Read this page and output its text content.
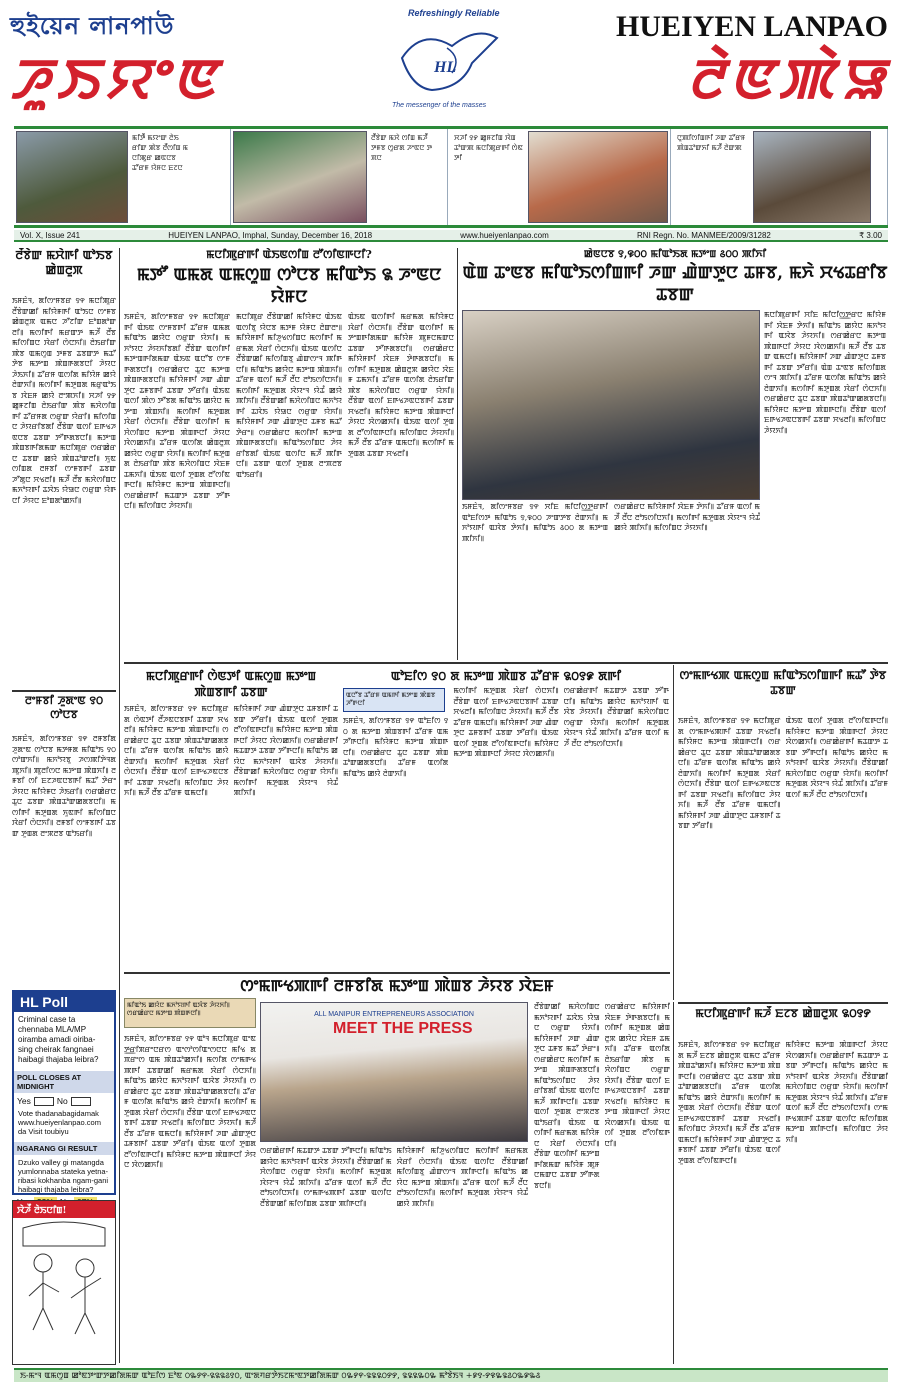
হুইয়েন লানপাউ
ꯍꯨꯏꯌꯦꯟ	ꯂꯥꯟꯄꯥꯎ
HUEIYEN LANPAO
Refreshingly Reliable
HL
The messenger of the masses
ꯃꯤꯇꯩ ꯃꯌꯦꯛ ꯂꯥꯏꯔꯤꯛ ꯄꯥꯕ ꯂꯩꯁꯤꯡ ꯃꯅꯤꯄꯨꯔ ꯀꯟꯅꯕ ꯊꯧꯔꯝ ꯌꯥꯝꯅ ꯐꯖꯅ
ꯂꯩꯕꯥꯛ ꯃꯆꯥ ꯁꯤꯡ ꯃꯍꯩ ꯇꯝꯕ ꯁꯨꯔꯗ ꯍꯦꯟꯅ ꯇꯞꯅ
ꯆꯍꯤ ꯱꯸ ꯀꯨꯝꯖꯤꯡ ꯋꯥꯡꯊꯣꯛꯄ ꯃꯅꯤꯄꯨꯔꯒꯤ ꯁꯥꯟꯇꯤ
ꯅꯨꯄꯤꯁꯤꯡꯒꯤ ꯍꯛ ꯊꯧꯔꯝ ꯄꯥꯡꯊꯣꯛꯈꯤ ꯃꯍꯩ ꯂꯥꯛꯄ
Vol. X, Issue 241	HUEIYEN LANPAO, Imphal, Sunday, December 16, 2018	www.hueiyenlanpao.com	RNI Regn. No. MANMEE/2009/31282	₹ 3.00
ꯂꯩꯕꯥꯛ ꯃꯆꯥꯒꯤ ꯑꯣꯏꯕ ꯀꯥꯡꯂꯨꯞ
ꯏꯝꯐꯥꯜ, ꯗꯤꯁꯦꯝꯕꯔ ꯱꯵ ꯃꯅꯤꯄꯨꯔ ꯂꯩꯕꯥꯛꯀꯤ ꯃꯤꯌꯥꯝꯒꯤ ꯑꯣꯏꯅ ꯁꯦꯝꯕ ꯀꯥꯡꯂꯨꯞ ꯑꯃꯅ ꯍꯧꯖꯤꯛ ꯐꯣꯡꯗꯣꯛꯂꯤ꯫ ꯃꯁꯤꯒꯤ ꯃꯔꯛꯇ ꯃꯍꯩ ꯂꯩꯕ ꯃꯤꯁꯤꯡꯅ ꯋꯥꯔꯤ ꯁꯥꯅꯈꯤ꯫ ꯂꯥꯏꯔꯤꯛ ꯄꯥꯕ ꯑꯃꯁꯨꯡ ꯇꯝꯕ ꯊꯕꯛꯇ ꯃꯊꯧ ꯇꯥꯕ ꯃꯇꯦꯡ ꯄꯥꯡꯒꯗꯕꯅꯤ ꯍꯥꯌꯅ ꯍꯥꯏꯈꯤ꯫ ꯊꯧꯔꯝ ꯑꯁꯤꯗ ꯃꯤꯌꯥꯝ ꯀꯌꯥ ꯂꯥꯛꯈꯤ꯫ ꯃꯁꯤꯒꯤ ꯃꯇꯨꯡꯗ ꯃꯔꯨꯑꯣꯏꯕ ꯋꯥꯐꯝ ꯀꯌꯥ ꯂꯦꯄꯈꯤ꯫ ꯆꯍꯤ ꯱꯸ ꯀꯨꯝꯖꯤꯡ ꯂꯥꯏꯔꯤꯛ ꯄꯥꯕ ꯃꯆꯥꯁꯤꯡꯒꯤ ꯊꯧꯔꯝꯗ ꯁꯔꯨꯛ ꯌꯥꯔꯤ꯫ ꯃꯤꯁꯤꯡꯅ ꯍꯥꯌꯔꯤꯕꯗꯤ ꯂꯩꯕꯥꯛ ꯑꯁꯤ ꯐꯒꯠꯍꯟꯅꯕ ꯊꯕꯛ ꯇꯧꯒꯗꯕꯅꯤ꯫ ꯃꯇꯦꯡ ꯄꯥꯡꯕꯒꯤꯗꯃꯛ ꯃꯅꯤꯄꯨꯔ ꯁꯔꯀꯥꯔꯅ ꯊꯕꯛ ꯀꯌꯥ ꯄꯥꯡꯊꯣꯛꯂꯤ꯫ ꯈꯨꯟꯁꯤꯡꯗ ꯂꯝꯕꯤ ꯁꯦꯝꯕꯒꯤ ꯊꯕꯛ ꯍꯧꯗꯨꯅ ꯆꯠꯂꯤ꯫ ꯃꯍꯩ ꯂꯩꯕ ꯃꯆꯥꯁꯤꯡꯅ ꯃꯈꯣꯌꯒꯤ ꯊꯋꯥꯏ ꯌꯥꯎꯅ ꯁꯔꯨꯛ ꯌꯥꯒꯅꯤ ꯍꯥꯌꯅ ꯐꯣꯡꯗꯣꯀꯈꯤ꯫
ꯂꯦꯝꯕꯤ ꯍꯨꯗꯦꯟ ꯱꯰ ꯁꯣꯅꯕ
ꯏꯝꯐꯥꯜ, ꯗꯤꯁꯦꯝꯕꯔ ꯱꯵ ꯂꯝꯕꯤꯗ ꯍꯨꯗꯦꯟ ꯁꯣꯅꯕ ꯃꯇꯝꯗ ꯃꯤꯑꯣꯏ ꯱꯰ ꯁꯣꯛꯈꯤ꯫ ꯃꯈꯣꯌꯕꯨ ꯍꯁꯄꯤꯇꯥꯜꯗ ꯄꯨꯈꯤ꯫ ꯄꯨꯂꯤꯁꯅ ꯃꯇꯦꯡ ꯄꯥꯡꯈꯤ꯫ ꯂꯝꯕꯤ ꯁꯤ ꯐꯖꯍꯟꯅꯕꯒꯤ ꯃꯊꯧ ꯇꯥꯔꯦ ꯍꯥꯌꯅ ꯃꯤꯌꯥꯝꯅ ꯍꯥꯏꯔꯤ꯫ ꯁꯔꯀꯥꯔꯅ ꯊꯨꯅ ꯊꯕꯛ ꯄꯥꯡꯊꯣꯛꯀꯗꯕꯅꯤ꯫ ꯃꯁꯤꯒꯤ ꯃꯇꯨꯡꯗ ꯈꯨꯟꯒꯤ ꯃꯤꯁꯤꯡꯅ ꯋꯥꯔꯤ ꯁꯥꯅꯈꯤ꯫ ꯂꯝꯕꯤ ꯁꯦꯝꯕꯒꯤ ꯊꯕꯛ ꯇꯨꯡꯗ ꯂꯦꯞꯂꯕ ꯑꯣꯏꯔꯤ꯫
HL Poll
Criminal case ta chennaba MLA/MP oiramba amadi oiriba-sing cheirak fangnaei haibagi thajaba leibra?
POLL CLOSES AT MIDNIGHT
Yes	No
Vote thadanabagidamak www.hueiyenlanpao.com da Visit toubiyu
NGARANG GI RESULT
Dzuko valley gi matangda yumlonnaba stateka yetna-ribasi kokhanba ngam-gani haibagi thajaba leibra?
ꯋꯥꯍꯩ ꯂꯥꯏꯅꯤꯡ!
ꯃꯅꯤꯄꯨꯔꯒꯤ ꯑꯥꯏꯟꯁꯤꯡ ꯂꯧꯁꯤꯟꯒꯅꯤ?
ꯃꯇꯧ ꯑꯃꯗ ꯑꯃꯁꯨꯡ ꯁꯣꯅꯕ ꯃꯤꯑꯣꯏ ꯲ ꯍꯦꯟꯅ ꯌꯥꯝꯅ
ꯏꯝꯐꯥꯜ, ꯗꯤꯁꯦꯝꯕꯔ ꯱꯵ ꯃꯅꯤꯄꯨꯔꯒꯤ ꯑꯥꯏꯟ ꯁꯦꯝꯕꯒꯤ ꯊꯧꯔꯝ ꯑꯃꯗ ꯃꯤꯑꯣꯏ ꯀꯌꯥꯅ ꯁꯔꯨꯛ ꯌꯥꯈꯤ꯫ ꯃꯈꯣꯌꯅ ꯍꯥꯌꯈꯤꯕꯗꯤ ꯂꯩꯕꯥꯛ ꯑꯁꯤꯒꯤ ꯃꯇꯦꯡꯒꯤꯗꯃꯛ ꯑꯥꯏꯟ ꯑꯅꯧꯕ ꯁꯦꯝꯒꯗꯕꯅꯤ꯫ ꯁꯔꯀꯥꯔꯅ ꯊꯨꯅ ꯃꯇꯦꯡ ꯄꯥꯡꯒꯗꯕꯅꯤ꯫ ꯃꯤꯌꯥꯝꯒꯤ ꯍꯛ ꯉꯥꯛꯇꯨꯅ ꯊꯝꯕꯒꯤ ꯊꯕꯛ ꯇꯧꯔꯤ꯫ ꯑꯥꯏꯟ ꯑꯁꯤ ꯄꯥꯁ ꯇꯧꯕꯗ ꯃꯤꯑꯣꯏ ꯀꯌꯥꯅ ꯃꯇꯦꯡ ꯄꯥꯡꯈꯤ꯫ ꯃꯁꯤꯒꯤ ꯃꯇꯨꯡꯗ ꯋꯥꯔꯤ ꯁꯥꯅꯈꯤ꯫ ꯂꯩꯕꯥꯛ ꯑꯁꯤꯒꯤ ꯃꯆꯥꯁꯤꯡꯅ ꯃꯇꯦꯡ ꯄꯥꯡꯒꯅꯤ ꯍꯥꯌꯅ ꯋꯥꯁꯀꯈꯤ꯫ ꯊꯧꯔꯝ ꯑꯁꯤꯗ ꯀꯥꯡꯂꯨꯞ ꯀꯌꯥꯅ ꯁꯔꯨꯛ ꯌꯥꯈꯤ꯫ ꯃꯁꯤꯒꯤ ꯃꯇꯨꯡꯗ ꯂꯥꯏꯔꯤꯛ ꯄꯥꯕ ꯃꯆꯥꯁꯤꯡꯅ ꯋꯥꯐꯝ ꯊꯃꯈꯤ꯫ ꯑꯥꯏꯟ ꯑꯁꯤ ꯇꯨꯡꯗ ꯂꯧꯁꯤꯟꯒꯅꯤ꯫ ꯃꯤꯌꯥꯝꯅ ꯃꯇꯦꯡ ꯄꯥꯡꯒꯅꯤ꯫ ꯁꯔꯀꯥꯔꯒꯤ ꯃꯊꯛꯇ ꯊꯕꯛ ꯇꯧꯒꯅꯤ꯫ ꯃꯤꯁꯤꯡꯅ ꯍꯥꯌꯈꯤ꯫
ꯃꯅꯤꯄꯨꯔ ꯂꯩꯕꯥꯛꯀꯤ ꯃꯤꯌꯥꯝꯅ ꯑꯥꯏꯟ ꯑꯁꯤꯕꯨ ꯌꯥꯅꯕ ꯃꯇꯝ ꯌꯥꯝꯅ ꯂꯥꯛꯂꯦ꯫ ꯃꯤꯌꯥꯝꯒꯤ ꯃꯤꯍꯨꯠꯁꯤꯡꯅ ꯃꯁꯤꯒꯤ ꯃꯔꯃꯗ ꯋꯥꯔꯤ ꯁꯥꯅꯈꯤ꯫ ꯑꯥꯏꯟ ꯑꯁꯤꯅ ꯂꯩꯕꯥꯛꯀꯤ ꯃꯤꯁꯤꯡꯕꯨ ꯉꯥꯛꯁꯦꯜ ꯄꯤꯒꯅꯤ꯫ ꯃꯤꯑꯣꯏ ꯀꯌꯥꯅ ꯃꯇꯦꯡ ꯄꯥꯡꯈꯤ꯫ ꯊꯧꯔꯝ ꯑꯁꯤ ꯃꯍꯩ ꯂꯩꯅ ꯂꯣꯏꯁꯤꯅꯈꯤ꯫ ꯃꯁꯤꯒꯤ ꯃꯇꯨꯡꯗ ꯋꯥꯌꯦꯜ ꯌꯥꯊꯪ ꯀꯌꯥ ꯄꯤꯈꯤ꯫ ꯂꯩꯕꯥꯛꯀꯤ ꯃꯆꯥꯁꯤꯡꯅ ꯃꯈꯣꯌꯒꯤ ꯊꯋꯥꯏ ꯌꯥꯎꯅ ꯁꯔꯨꯛ ꯌꯥꯈꯤ꯫ ꯃꯤꯌꯥꯝꯒꯤ ꯍꯛ ꯉꯥꯛꯇꯨꯅ ꯊꯝꯕ ꯃꯊꯧ ꯇꯥꯔꯦ꯫ ꯁꯔꯀꯥꯔꯅ ꯃꯁꯤꯒꯤ ꯃꯇꯦꯡ ꯄꯥꯡꯒꯗꯕꯅꯤ꯫ ꯃꯤꯑꯣꯏꯁꯤꯡꯅ ꯍꯥꯌꯔꯤꯕꯗꯤ ꯑꯥꯏꯟ ꯑꯁꯤꯅ ꯃꯍꯩ ꯄꯤꯒꯅꯤ꯫ ꯊꯕꯛ ꯑꯁꯤ ꯇꯨꯡꯗ ꯂꯦꯞꯂꯕ ꯑꯣꯏꯔꯤ꯫
ꯑꯥꯏꯟ ꯑꯁꯤꯒꯤ ꯃꯔꯃꯗ ꯃꯤꯌꯥꯝꯅ ꯋꯥꯔꯤ ꯁꯥꯅꯈꯤ꯫ ꯂꯩꯕꯥꯛ ꯑꯁꯤꯒꯤ ꯃꯇꯦꯡꯒꯤꯗꯃꯛ ꯃꯤꯌꯥꯝ ꯄꯨꯝꯅꯃꯛꯅ ꯊꯕꯛ ꯇꯧꯒꯗꯕꯅꯤ꯫ ꯁꯔꯀꯥꯔꯅ ꯃꯤꯌꯥꯝꯒꯤ ꯋꯥꯐꯝ ꯇꯥꯒꯗꯕꯅꯤ꯫ ꯃꯁꯤꯒꯤ ꯃꯇꯨꯡꯗ ꯀꯥꯡꯂꯨꯞ ꯀꯌꯥꯅ ꯋꯥꯐꯝ ꯊꯃꯈꯤ꯫ ꯊꯧꯔꯝ ꯑꯁꯤꯗ ꯂꯥꯏꯔꯤꯛ ꯄꯥꯕ ꯃꯆꯥꯁꯤꯡꯅ ꯁꯔꯨꯛ ꯌꯥꯈꯤ꯫ ꯂꯩꯕꯥꯛ ꯑꯁꯤ ꯐꯒꯠꯍꯟꯅꯕꯒꯤ ꯊꯕꯛ ꯆꯠꯂꯤ꯫ ꯃꯤꯌꯥꯝꯅ ꯃꯇꯦꯡ ꯄꯥꯡꯒꯅꯤ ꯍꯥꯌꯅ ꯋꯥꯁꯀꯈꯤ꯫ ꯑꯥꯏꯟ ꯑꯁꯤ ꯇꯨꯡꯗ ꯂꯧꯁꯤꯟꯒꯅꯤ꯫ ꯃꯤꯁꯤꯡꯅ ꯍꯥꯌꯈꯤ꯫ ꯃꯍꯩ ꯂꯩꯕ ꯊꯧꯔꯝ ꯑꯃꯅꯤ꯫ ꯃꯁꯤꯒꯤ ꯃꯇꯨꯡꯗ ꯊꯕꯛ ꯆꯠꯂꯤ꯫
ꯀꯥꯟꯅꯕ ꯱,꯶꯰꯰ ꯃꯤꯑꯣꯏꯗ ꯃꯇꯦꯡ ꯴꯰꯰ ꯄꯤꯈꯤ
ꯑꯥꯡ ꯊꯦꯟꯕ ꯃꯤꯑꯣꯏꯁꯤꯡꯒꯤ ꯍꯛ ꯉꯥꯛꯇꯨꯅ ꯊꯝꯕ, ꯃꯈꯥ ꯆꯠꯊꯔꯤꯕ ꯊꯕꯛ
ꯃꯅꯤꯄꯨꯔꯒꯤ ꯆꯤꯐ ꯃꯤꯅꯤꯁ꯭ꯇꯔꯅ ꯃꯤꯌꯥꯝꯒꯤ ꯋꯥꯐꯝ ꯇꯥꯈꯤ꯫ ꯃꯤꯑꯣꯏ ꯀꯌꯥꯅ ꯃꯈꯣꯌꯒꯤ ꯑꯋꯥꯕ ꯍꯥꯌꯈꯤ꯫ ꯁꯔꯀꯥꯔꯅ ꯃꯇꯦꯡ ꯄꯥꯡꯒꯅꯤ ꯍꯥꯌꯅ ꯋꯥꯁꯀꯈꯤ꯫ ꯃꯍꯩ ꯂꯩꯕ ꯊꯕꯛ ꯑꯃꯅꯤ꯫ ꯃꯤꯌꯥꯝꯒꯤ ꯍꯛ ꯉꯥꯛꯇꯨꯅ ꯊꯝꯕꯒꯤ ꯊꯕꯛ ꯇꯧꯔꯤ꯫ ꯑꯥꯡ ꯊꯦꯟꯕ ꯃꯤꯁꯤꯡꯗ ꯁꯦꯜ ꯄꯤꯈꯤ꯫ ꯊꯧꯔꯝ ꯑꯁꯤꯗ ꯃꯤꯑꯣꯏ ꯀꯌꯥ ꯂꯥꯛꯈꯤ꯫ ꯃꯁꯤꯒꯤ ꯃꯇꯨꯡꯗ ꯋꯥꯔꯤ ꯁꯥꯅꯈꯤ꯫ ꯁꯔꯀꯥꯔꯅ ꯊꯨꯅ ꯊꯕꯛ ꯄꯥꯡꯊꯣꯛꯀꯗꯕꯅꯤ꯫ ꯃꯤꯌꯥꯝꯅ ꯃꯇꯦꯡ ꯄꯥꯡꯒꯅꯤ꯫ ꯂꯩꯕꯥꯛ ꯑꯁꯤ ꯐꯒꯠꯍꯟꯅꯕꯒꯤ ꯊꯕꯛ ꯆꯠꯂꯤ꯫ ꯃꯤꯁꯤꯡꯅ ꯍꯥꯌꯈꯤ꯫
ꯏꯝꯐꯥꯜ, ꯗꯤꯁꯦꯝꯕꯔ ꯱꯵ ꯆꯤꯐ ꯃꯤꯅꯤꯁ꯭ꯇꯔꯒꯤ ꯑꯣꯐꯤꯁꯇ ꯃꯤꯑꯣꯏ ꯱,꯶꯰꯰ ꯍꯦꯛꯇꯕ ꯂꯥꯛꯈꯤ꯫ ꯃꯈꯣꯌꯒꯤ ꯑꯋꯥꯕ ꯇꯥꯈꯤ꯫ ꯃꯤꯑꯣꯏ ꯴꯰꯰ ꯗ ꯃꯇꯦꯡ ꯄꯤꯈꯤ꯫
ꯁꯔꯀꯥꯔꯅ ꯃꯤꯌꯥꯝꯒꯤ ꯋꯥꯐꯝ ꯇꯥꯈꯤ꯫ ꯊꯧꯔꯝ ꯑꯁꯤ ꯃꯍꯩ ꯂꯩꯅ ꯂꯣꯏꯁꯤꯅꯈꯤ꯫ ꯃꯁꯤꯒꯤ ꯃꯇꯨꯡꯗ ꯋꯥꯌꯦꯜ ꯌꯥꯊꯪ ꯀꯌꯥ ꯄꯤꯈꯤ꯫ ꯃꯤꯁꯤꯡꯅ ꯍꯥꯌꯈꯤ꯫
ꯃꯅꯤꯄꯨꯔꯒꯤ ꯁꯥꯟꯇꯤ ꯑꯃꯁꯨꯡ ꯃꯇꯦꯡ ꯄꯥꯡꯕꯒꯤ ꯊꯕꯛ
ꯏꯝꯐꯥꯜ, ꯗꯤꯁꯦꯝꯕꯔ ꯱꯵ ꯃꯅꯤꯄꯨꯔꯗ ꯁꯥꯟꯇꯤ ꯂꯩꯍꯟꯅꯕꯒꯤ ꯊꯕꯛ ꯆꯠꯂꯤ꯫ ꯃꯤꯌꯥꯝꯅ ꯃꯇꯦꯡ ꯄꯥꯡꯒꯅꯤ꯫ ꯁꯔꯀꯥꯔꯅ ꯊꯨꯅ ꯊꯕꯛ ꯄꯥꯡꯊꯣꯛꯀꯗꯕꯅꯤ꯫ ꯊꯧꯔꯝ ꯑꯁꯤꯗ ꯃꯤꯑꯣꯏ ꯀꯌꯥ ꯂꯥꯛꯈꯤ꯫ ꯃꯁꯤꯒꯤ ꯃꯇꯨꯡꯗ ꯋꯥꯔꯤ ꯁꯥꯅꯈꯤ꯫ ꯂꯩꯕꯥꯛ ꯑꯁꯤ ꯐꯒꯠꯍꯟꯅꯕꯒꯤ ꯊꯕꯛ ꯆꯠꯂꯤ꯫ ꯃꯤꯁꯤꯡꯅ ꯍꯥꯌꯈꯤ꯫ ꯃꯍꯩ ꯂꯩꯕ ꯊꯧꯔꯝ ꯑꯃꯅꯤ꯫
ꯃꯤꯌꯥꯝꯒꯤ ꯍꯛ ꯉꯥꯛꯇꯨꯅ ꯊꯝꯕꯒꯤ ꯊꯕꯛ ꯇꯧꯔꯤ꯫ ꯑꯥꯏꯟ ꯑꯁꯤ ꯇꯨꯡꯗ ꯂꯧꯁꯤꯟꯒꯅꯤ꯫ ꯃꯤꯌꯥꯝꯅ ꯃꯇꯦꯡ ꯄꯥꯡꯒꯅꯤ ꯍꯥꯌꯅ ꯋꯥꯁꯀꯈꯤ꯫ ꯁꯔꯀꯥꯔꯒꯤ ꯃꯊꯛꯇ ꯊꯕꯛ ꯇꯧꯒꯅꯤ꯫ ꯃꯤꯑꯣꯏ ꯀꯌꯥꯅ ꯃꯈꯣꯌꯒꯤ ꯑꯋꯥꯕ ꯍꯥꯌꯈꯤ꯫ ꯂꯩꯕꯥꯛꯀꯤ ꯃꯆꯥꯁꯤꯡꯅ ꯁꯔꯨꯛ ꯌꯥꯈꯤ꯫ ꯃꯁꯤꯒꯤ ꯃꯇꯨꯡꯗ ꯋꯥꯌꯦꯜ ꯌꯥꯊꯪ ꯄꯤꯈꯤ꯫
ꯑꯣꯐꯤꯁ ꯱꯰ ꯗ ꯃꯇꯦꯡ ꯄꯥꯡꯕ ꯊꯧꯔꯝ ꯲꯰꯱꯹ ꯗꯒꯤ
ꯑꯅꯧꯕ ꯊꯧꯔꯝ ꯑꯃꯒꯤ ꯃꯇꯦꯡ ꯄꯥꯡꯕ ꯍꯧꯒꯅꯤ
ꯏꯝꯐꯥꯜ, ꯗꯤꯁꯦꯝꯕꯔ ꯱꯵ ꯑꯣꯐꯤꯁ ꯱꯰ ꯗ ꯃꯇꯦꯡ ꯄꯥꯡꯕꯒꯤ ꯊꯧꯔꯝ ꯑꯃ ꯍꯧꯒꯅꯤ꯫ ꯃꯤꯌꯥꯝꯅ ꯃꯇꯦꯡ ꯄꯥꯡꯒꯅꯤ꯫ ꯁꯔꯀꯥꯔꯅ ꯊꯨꯅ ꯊꯕꯛ ꯄꯥꯡꯊꯣꯛꯀꯗꯕꯅꯤ꯫ ꯊꯧꯔꯝ ꯑꯁꯤꯗ ꯃꯤꯑꯣꯏ ꯀꯌꯥ ꯂꯥꯛꯈꯤ꯫
ꯃꯁꯤꯒꯤ ꯃꯇꯨꯡꯗ ꯋꯥꯔꯤ ꯁꯥꯅꯈꯤ꯫ ꯂꯩꯕꯥꯛ ꯑꯁꯤ ꯐꯒꯠꯍꯟꯅꯕꯒꯤ ꯊꯕꯛ ꯆꯠꯂꯤ꯫ ꯃꯤꯁꯤꯡꯅ ꯍꯥꯌꯈꯤ꯫ ꯃꯍꯩ ꯂꯩꯕ ꯊꯧꯔꯝ ꯑꯃꯅꯤ꯫ ꯃꯤꯌꯥꯝꯒꯤ ꯍꯛ ꯉꯥꯛꯇꯨꯅ ꯊꯝꯕꯒꯤ ꯊꯕꯛ ꯇꯧꯔꯤ꯫ ꯑꯥꯏꯟ ꯑꯁꯤ ꯇꯨꯡꯗ ꯂꯧꯁꯤꯟꯒꯅꯤ꯫ ꯃꯤꯌꯥꯝꯅ ꯃꯇꯦꯡ ꯄꯥꯡꯒꯅꯤ ꯍꯥꯌꯅ ꯋꯥꯁꯀꯈꯤ꯫
ꯁꯔꯀꯥꯔꯒꯤ ꯃꯊꯛꯇ ꯊꯕꯛ ꯇꯧꯒꯅꯤ꯫ ꯃꯤꯑꯣꯏ ꯀꯌꯥꯅ ꯃꯈꯣꯌꯒꯤ ꯑꯋꯥꯕ ꯍꯥꯌꯈꯤ꯫ ꯂꯩꯕꯥꯛꯀꯤ ꯃꯆꯥꯁꯤꯡꯅ ꯁꯔꯨꯛ ꯌꯥꯈꯤ꯫ ꯃꯁꯤꯒꯤ ꯃꯇꯨꯡꯗ ꯋꯥꯌꯦꯜ ꯌꯥꯊꯪ ꯄꯤꯈꯤ꯫ ꯊꯧꯔꯝ ꯑꯁꯤ ꯃꯍꯩ ꯂꯩꯅ ꯂꯣꯏꯁꯤꯅꯈꯤ꯫
ꯁꯦꯃꯒꯠꯄ ꯑꯃꯁꯨꯡ ꯃꯤꯑꯣꯏꯁꯤꯡꯒꯤ ꯃꯊꯧ ꯇꯥꯕ ꯊꯕꯛ
ꯏꯝꯐꯥꯜ, ꯗꯤꯁꯦꯝꯕꯔ ꯱꯵ ꯃꯅꯤꯄꯨꯔꯗ ꯁꯦꯃꯒꯠꯄꯒꯤ ꯊꯕꯛ ꯆꯠꯂꯤ꯫ ꯃꯤꯌꯥꯝꯅ ꯃꯇꯦꯡ ꯄꯥꯡꯒꯅꯤ꯫ ꯁꯔꯀꯥꯔꯅ ꯊꯨꯅ ꯊꯕꯛ ꯄꯥꯡꯊꯣꯛꯀꯗꯕꯅꯤ꯫ ꯊꯧꯔꯝ ꯑꯁꯤꯗ ꯃꯤꯑꯣꯏ ꯀꯌꯥ ꯂꯥꯛꯈꯤ꯫ ꯃꯁꯤꯒꯤ ꯃꯇꯨꯡꯗ ꯋꯥꯔꯤ ꯁꯥꯅꯈꯤ꯫ ꯂꯩꯕꯥꯛ ꯑꯁꯤ ꯐꯒꯠꯍꯟꯅꯕꯒꯤ ꯊꯕꯛ ꯆꯠꯂꯤ꯫ ꯃꯤꯁꯤꯡꯅ ꯍꯥꯌꯈꯤ꯫ ꯃꯍꯩ ꯂꯩꯕ ꯊꯧꯔꯝ ꯑꯃꯅꯤ꯫ ꯃꯤꯌꯥꯝꯒꯤ ꯍꯛ ꯉꯥꯛꯇꯨꯅ ꯊꯝꯕꯒꯤ ꯊꯕꯛ ꯇꯧꯔꯤ꯫
ꯑꯥꯏꯟ ꯑꯁꯤ ꯇꯨꯡꯗ ꯂꯧꯁꯤꯟꯒꯅꯤ꯫ ꯃꯤꯌꯥꯝꯅ ꯃꯇꯦꯡ ꯄꯥꯡꯒꯅꯤ ꯍꯥꯌꯅ ꯋꯥꯁꯀꯈꯤ꯫ ꯁꯔꯀꯥꯔꯒꯤ ꯃꯊꯛꯇ ꯊꯕꯛ ꯇꯧꯒꯅꯤ꯫ ꯃꯤꯑꯣꯏ ꯀꯌꯥꯅ ꯃꯈꯣꯌꯒꯤ ꯑꯋꯥꯕ ꯍꯥꯌꯈꯤ꯫ ꯂꯩꯕꯥꯛꯀꯤ ꯃꯆꯥꯁꯤꯡꯅ ꯁꯔꯨꯛ ꯌꯥꯈꯤ꯫ ꯃꯁꯤꯒꯤ ꯃꯇꯨꯡꯗ ꯋꯥꯌꯦꯜ ꯌꯥꯊꯪ ꯄꯤꯈꯤ꯫ ꯊꯧꯔꯝ ꯑꯁꯤ ꯃꯍꯩ ꯂꯩꯅ ꯂꯣꯏꯁꯤꯅꯈꯤ꯫
ꯁꯦꯃꯒꯠꯄꯒꯤ ꯂꯝꯕꯤꯗ ꯃꯇꯦꯡ ꯄꯥꯡꯕ ꯍꯥꯌꯕ ꯋꯥꯐꯝ
ꯃꯤꯑꯣꯏ ꯀꯌꯥꯅ ꯃꯈꯣꯌꯒꯤ ꯑꯋꯥꯕ ꯍꯥꯌꯈꯤ꯫ ꯁꯔꯀꯥꯔꯅ ꯃꯇꯦꯡ ꯄꯥꯡꯒꯅꯤ꯫	ALL MANIPUR ENTREPRENEURS ASSOCIATION
MEET THE PRESS
ꯏꯝꯐꯥꯜ, ꯗꯤꯁꯦꯝꯕꯔ ꯱꯵ ꯑꯣꯜ ꯃꯅꯤꯄꯨꯔ ꯑꯦꯟꯇ꯭ꯔꯤꯞꯔꯦꯅꯔꯁ ꯑꯦꯁꯣꯁꯤꯑꯦꯁꯅꯅ ꯃꯤꯠ ꯗ ꯞꯔꯦꯁ ꯑꯃ ꯄꯥꯡꯊꯣꯀꯈꯤ꯫ ꯃꯁꯤꯗ ꯁꯦꯃꯒꯠꯄꯒꯤ ꯊꯕꯛꯀꯤ ꯃꯔꯃꯗ ꯋꯥꯔꯤ ꯁꯥꯅꯈꯤ꯫ ꯃꯤꯑꯣꯏ ꯀꯌꯥꯅ ꯃꯈꯣꯌꯒꯤ ꯑꯋꯥꯕ ꯍꯥꯌꯈꯤ꯫ ꯁꯔꯀꯥꯔꯅ ꯊꯨꯅ ꯊꯕꯛ ꯄꯥꯡꯊꯣꯛꯀꯗꯕꯅꯤ꯫ ꯊꯧꯔꯝ ꯑꯁꯤꯗ ꯃꯤꯑꯣꯏ ꯀꯌꯥ ꯂꯥꯛꯈꯤ꯫ ꯃꯁꯤꯒꯤ ꯃꯇꯨꯡꯗ ꯋꯥꯔꯤ ꯁꯥꯅꯈꯤ꯫ ꯂꯩꯕꯥꯛ ꯑꯁꯤ ꯐꯒꯠꯍꯟꯅꯕꯒꯤ ꯊꯕꯛ ꯆꯠꯂꯤ꯫ ꯃꯤꯁꯤꯡꯅ ꯍꯥꯌꯈꯤ꯫ ꯃꯍꯩ ꯂꯩꯕ ꯊꯧꯔꯝ ꯑꯃꯅꯤ꯫ ꯃꯤꯌꯥꯝꯒꯤ ꯍꯛ ꯉꯥꯛꯇꯨꯅ ꯊꯝꯕꯒꯤ ꯊꯕꯛ ꯇꯧꯔꯤ꯫ ꯑꯥꯏꯟ ꯑꯁꯤ ꯇꯨꯡꯗ ꯂꯧꯁꯤꯟꯒꯅꯤ꯫ ꯃꯤꯌꯥꯝꯅ ꯃꯇꯦꯡ ꯄꯥꯡꯒꯅꯤ ꯍꯥꯌꯅ ꯋꯥꯁꯀꯈꯤ꯫
ꯁꯔꯀꯥꯔꯒꯤ ꯃꯊꯛꯇ ꯊꯕꯛ ꯇꯧꯒꯅꯤ꯫ ꯃꯤꯑꯣꯏ ꯀꯌꯥꯅ ꯃꯈꯣꯌꯒꯤ ꯑꯋꯥꯕ ꯍꯥꯌꯈꯤ꯫ ꯂꯩꯕꯥꯛꯀꯤ ꯃꯆꯥꯁꯤꯡꯅ ꯁꯔꯨꯛ ꯌꯥꯈꯤ꯫ ꯃꯁꯤꯒꯤ ꯃꯇꯨꯡꯗ ꯋꯥꯌꯦꯜ ꯌꯥꯊꯪ ꯄꯤꯈꯤ꯫ ꯊꯧꯔꯝ ꯑꯁꯤ ꯃꯍꯩ ꯂꯩꯅ ꯂꯣꯏꯁꯤꯅꯈꯤ꯫ ꯁꯦꯃꯒꯠꯄꯒꯤ ꯊꯕꯛ ꯑꯁꯤꯅ ꯂꯩꯕꯥꯛꯀꯤ ꯃꯤꯁꯤꯡꯗ ꯊꯕꯛ ꯄꯤꯒꯅꯤ꯫
ꯃꯤꯌꯥꯝꯒꯤ ꯃꯤꯍꯨꯠꯁꯤꯡꯅ ꯃꯁꯤꯒꯤ ꯃꯔꯃꯗ ꯋꯥꯔꯤ ꯁꯥꯅꯈꯤ꯫ ꯑꯥꯏꯟ ꯑꯁꯤꯅ ꯂꯩꯕꯥꯛꯀꯤ ꯃꯤꯁꯤꯡꯕꯨ ꯉꯥꯛꯁꯦꯜ ꯄꯤꯒꯅꯤ꯫ ꯃꯤꯑꯣꯏ ꯀꯌꯥꯅ ꯃꯇꯦꯡ ꯄꯥꯡꯈꯤ꯫ ꯊꯧꯔꯝ ꯑꯁꯤ ꯃꯍꯩ ꯂꯩꯅ ꯂꯣꯏꯁꯤꯅꯈꯤ꯫ ꯃꯁꯤꯒꯤ ꯃꯇꯨꯡꯗ ꯋꯥꯌꯦꯜ ꯌꯥꯊꯪ ꯀꯌꯥ ꯄꯤꯈꯤ꯫
ꯂꯩꯕꯥꯛꯀꯤ ꯃꯆꯥꯁꯤꯡꯅ ꯃꯈꯣꯌꯒꯤ ꯊꯋꯥꯏ ꯌꯥꯎꯅ ꯁꯔꯨꯛ ꯌꯥꯈꯤ꯫ ꯃꯤꯌꯥꯝꯒꯤ ꯍꯛ ꯉꯥꯛꯇꯨꯅ ꯊꯝꯕ ꯃꯊꯧ ꯇꯥꯔꯦ꯫ ꯁꯔꯀꯥꯔꯅ ꯃꯁꯤꯒꯤ ꯃꯇꯦꯡ ꯄꯥꯡꯒꯗꯕꯅꯤ꯫ ꯃꯤꯑꯣꯏꯁꯤꯡꯅ ꯍꯥꯌꯔꯤꯕꯗꯤ ꯑꯥꯏꯟ ꯑꯁꯤꯅ ꯃꯍꯩ ꯄꯤꯒꯅꯤ꯫ ꯊꯕꯛ ꯑꯁꯤ ꯇꯨꯡꯗ ꯂꯦꯞꯂꯕ ꯑꯣꯏꯔꯤ꯫ ꯑꯥꯏꯟ ꯑꯁꯤꯒꯤ ꯃꯔꯃꯗ ꯃꯤꯌꯥꯝꯅ ꯋꯥꯔꯤ ꯁꯥꯅꯈꯤ꯫ ꯂꯩꯕꯥꯛ ꯑꯁꯤꯒꯤ ꯃꯇꯦꯡꯒꯤꯗꯃꯛ ꯃꯤꯌꯥꯝ ꯄꯨꯝꯅꯃꯛꯅ ꯊꯕꯛ ꯇꯧꯒꯗꯕꯅꯤ꯫
ꯁꯔꯀꯥꯔꯅ ꯃꯤꯌꯥꯝꯒꯤ ꯋꯥꯐꯝ ꯇꯥꯒꯗꯕꯅꯤ꯫ ꯃꯁꯤꯒꯤ ꯃꯇꯨꯡꯗ ꯀꯥꯡꯂꯨꯞ ꯀꯌꯥꯅ ꯋꯥꯐꯝ ꯊꯃꯈꯤ꯫ ꯊꯧꯔꯝ ꯑꯁꯤꯗ ꯂꯥꯏꯔꯤꯛ ꯄꯥꯕ ꯃꯆꯥꯁꯤꯡꯅ ꯁꯔꯨꯛ ꯌꯥꯈꯤ꯫ ꯂꯩꯕꯥꯛ ꯑꯁꯤ ꯐꯒꯠꯍꯟꯅꯕꯒꯤ ꯊꯕꯛ ꯆꯠꯂꯤ꯫ ꯃꯤꯌꯥꯝꯅ ꯃꯇꯦꯡ ꯄꯥꯡꯒꯅꯤ ꯍꯥꯌꯅ ꯋꯥꯁꯀꯈꯤ꯫ ꯑꯥꯏꯟ ꯑꯁꯤ ꯇꯨꯡꯗ ꯂꯧꯁꯤꯟꯒꯅꯤ꯫
ꯃꯅꯤꯄꯨꯔꯒꯤ ꯃꯍꯩ ꯐꯖꯕ ꯀꯥꯡꯂꯨꯞ ꯲꯰꯱꯸
ꯏꯝꯐꯥꯜ, ꯗꯤꯁꯦꯝꯕꯔ ꯱꯵ ꯃꯅꯤꯄꯨꯔꯗ ꯃꯍꯩ ꯐꯖꯕ ꯀꯥꯡꯂꯨꯞ ꯑꯃꯅ ꯊꯧꯔꯝ ꯄꯥꯡꯊꯣꯀꯈꯤ꯫ ꯃꯤꯌꯥꯝꯅ ꯃꯇꯦꯡ ꯄꯥꯡꯒꯅꯤ꯫ ꯁꯔꯀꯥꯔꯅ ꯊꯨꯅ ꯊꯕꯛ ꯄꯥꯡꯊꯣꯛꯀꯗꯕꯅꯤ꯫ ꯊꯧꯔꯝ ꯑꯁꯤꯗ ꯃꯤꯑꯣꯏ ꯀꯌꯥ ꯂꯥꯛꯈꯤ꯫ ꯃꯁꯤꯒꯤ ꯃꯇꯨꯡꯗ ꯋꯥꯔꯤ ꯁꯥꯅꯈꯤ꯫ ꯂꯩꯕꯥꯛ ꯑꯁꯤ ꯐꯒꯠꯍꯟꯅꯕꯒꯤ ꯊꯕꯛ ꯆꯠꯂꯤ꯫ ꯃꯤꯁꯤꯡꯅ ꯍꯥꯌꯈꯤ꯫ ꯃꯍꯩ ꯂꯩꯕ ꯊꯧꯔꯝ ꯑꯃꯅꯤ꯫ ꯃꯤꯌꯥꯝꯒꯤ ꯍꯛ ꯉꯥꯛꯇꯨꯅ ꯊꯝꯕꯒꯤ ꯊꯕꯛ ꯇꯧꯔꯤ꯫ ꯑꯥꯏꯟ ꯑꯁꯤ ꯇꯨꯡꯗ ꯂꯧꯁꯤꯟꯒꯅꯤ꯫
ꯃꯤꯌꯥꯝꯅ ꯃꯇꯦꯡ ꯄꯥꯡꯒꯅꯤ ꯍꯥꯌꯅ ꯋꯥꯁꯀꯈꯤ꯫ ꯁꯔꯀꯥꯔꯒꯤ ꯃꯊꯛꯇ ꯊꯕꯛ ꯇꯧꯒꯅꯤ꯫ ꯃꯤꯑꯣꯏ ꯀꯌꯥꯅ ꯃꯈꯣꯌꯒꯤ ꯑꯋꯥꯕ ꯍꯥꯌꯈꯤ꯫ ꯂꯩꯕꯥꯛꯀꯤ ꯃꯆꯥꯁꯤꯡꯅ ꯁꯔꯨꯛ ꯌꯥꯈꯤ꯫ ꯃꯁꯤꯒꯤ ꯃꯇꯨꯡꯗ ꯋꯥꯌꯦꯜ ꯌꯥꯊꯪ ꯄꯤꯈꯤ꯫ ꯊꯧꯔꯝ ꯑꯁꯤ ꯃꯍꯩ ꯂꯩꯅ ꯂꯣꯏꯁꯤꯅꯈꯤ꯫ ꯁꯦꯃꯒꯠꯄꯒꯤ ꯊꯕꯛ ꯑꯁꯤꯅ ꯃꯤꯁꯤꯡꯗ ꯃꯇꯦꯡ ꯄꯤꯒꯅꯤ꯫ ꯃꯤꯁꯤꯡꯅ ꯍꯥꯌꯈꯤ꯫
ꯏ-ꯃꯦꯜ ꯑꯃꯁꯨꯡ ꯀꯣꯟꯇꯦꯛꯇꯀꯤꯗꯃꯛ ꯑꯣꯐꯤꯁ ꯐꯣꯟ ꯰꯳꯸꯵-꯲꯲꯲꯴꯱꯰, ꯑꯦꯗꯚꯔꯇꯥꯏꯖꯃꯦꯟꯇꯀꯤꯗꯃꯛ ꯰꯳꯸꯵-꯲꯲꯲꯰꯸꯸, ꯲꯲꯲꯳꯰꯳ ꯃꯣꯕꯥꯏꯜ +꯹꯱-꯸꯶꯳꯲꯴꯰꯳꯹꯳꯴
